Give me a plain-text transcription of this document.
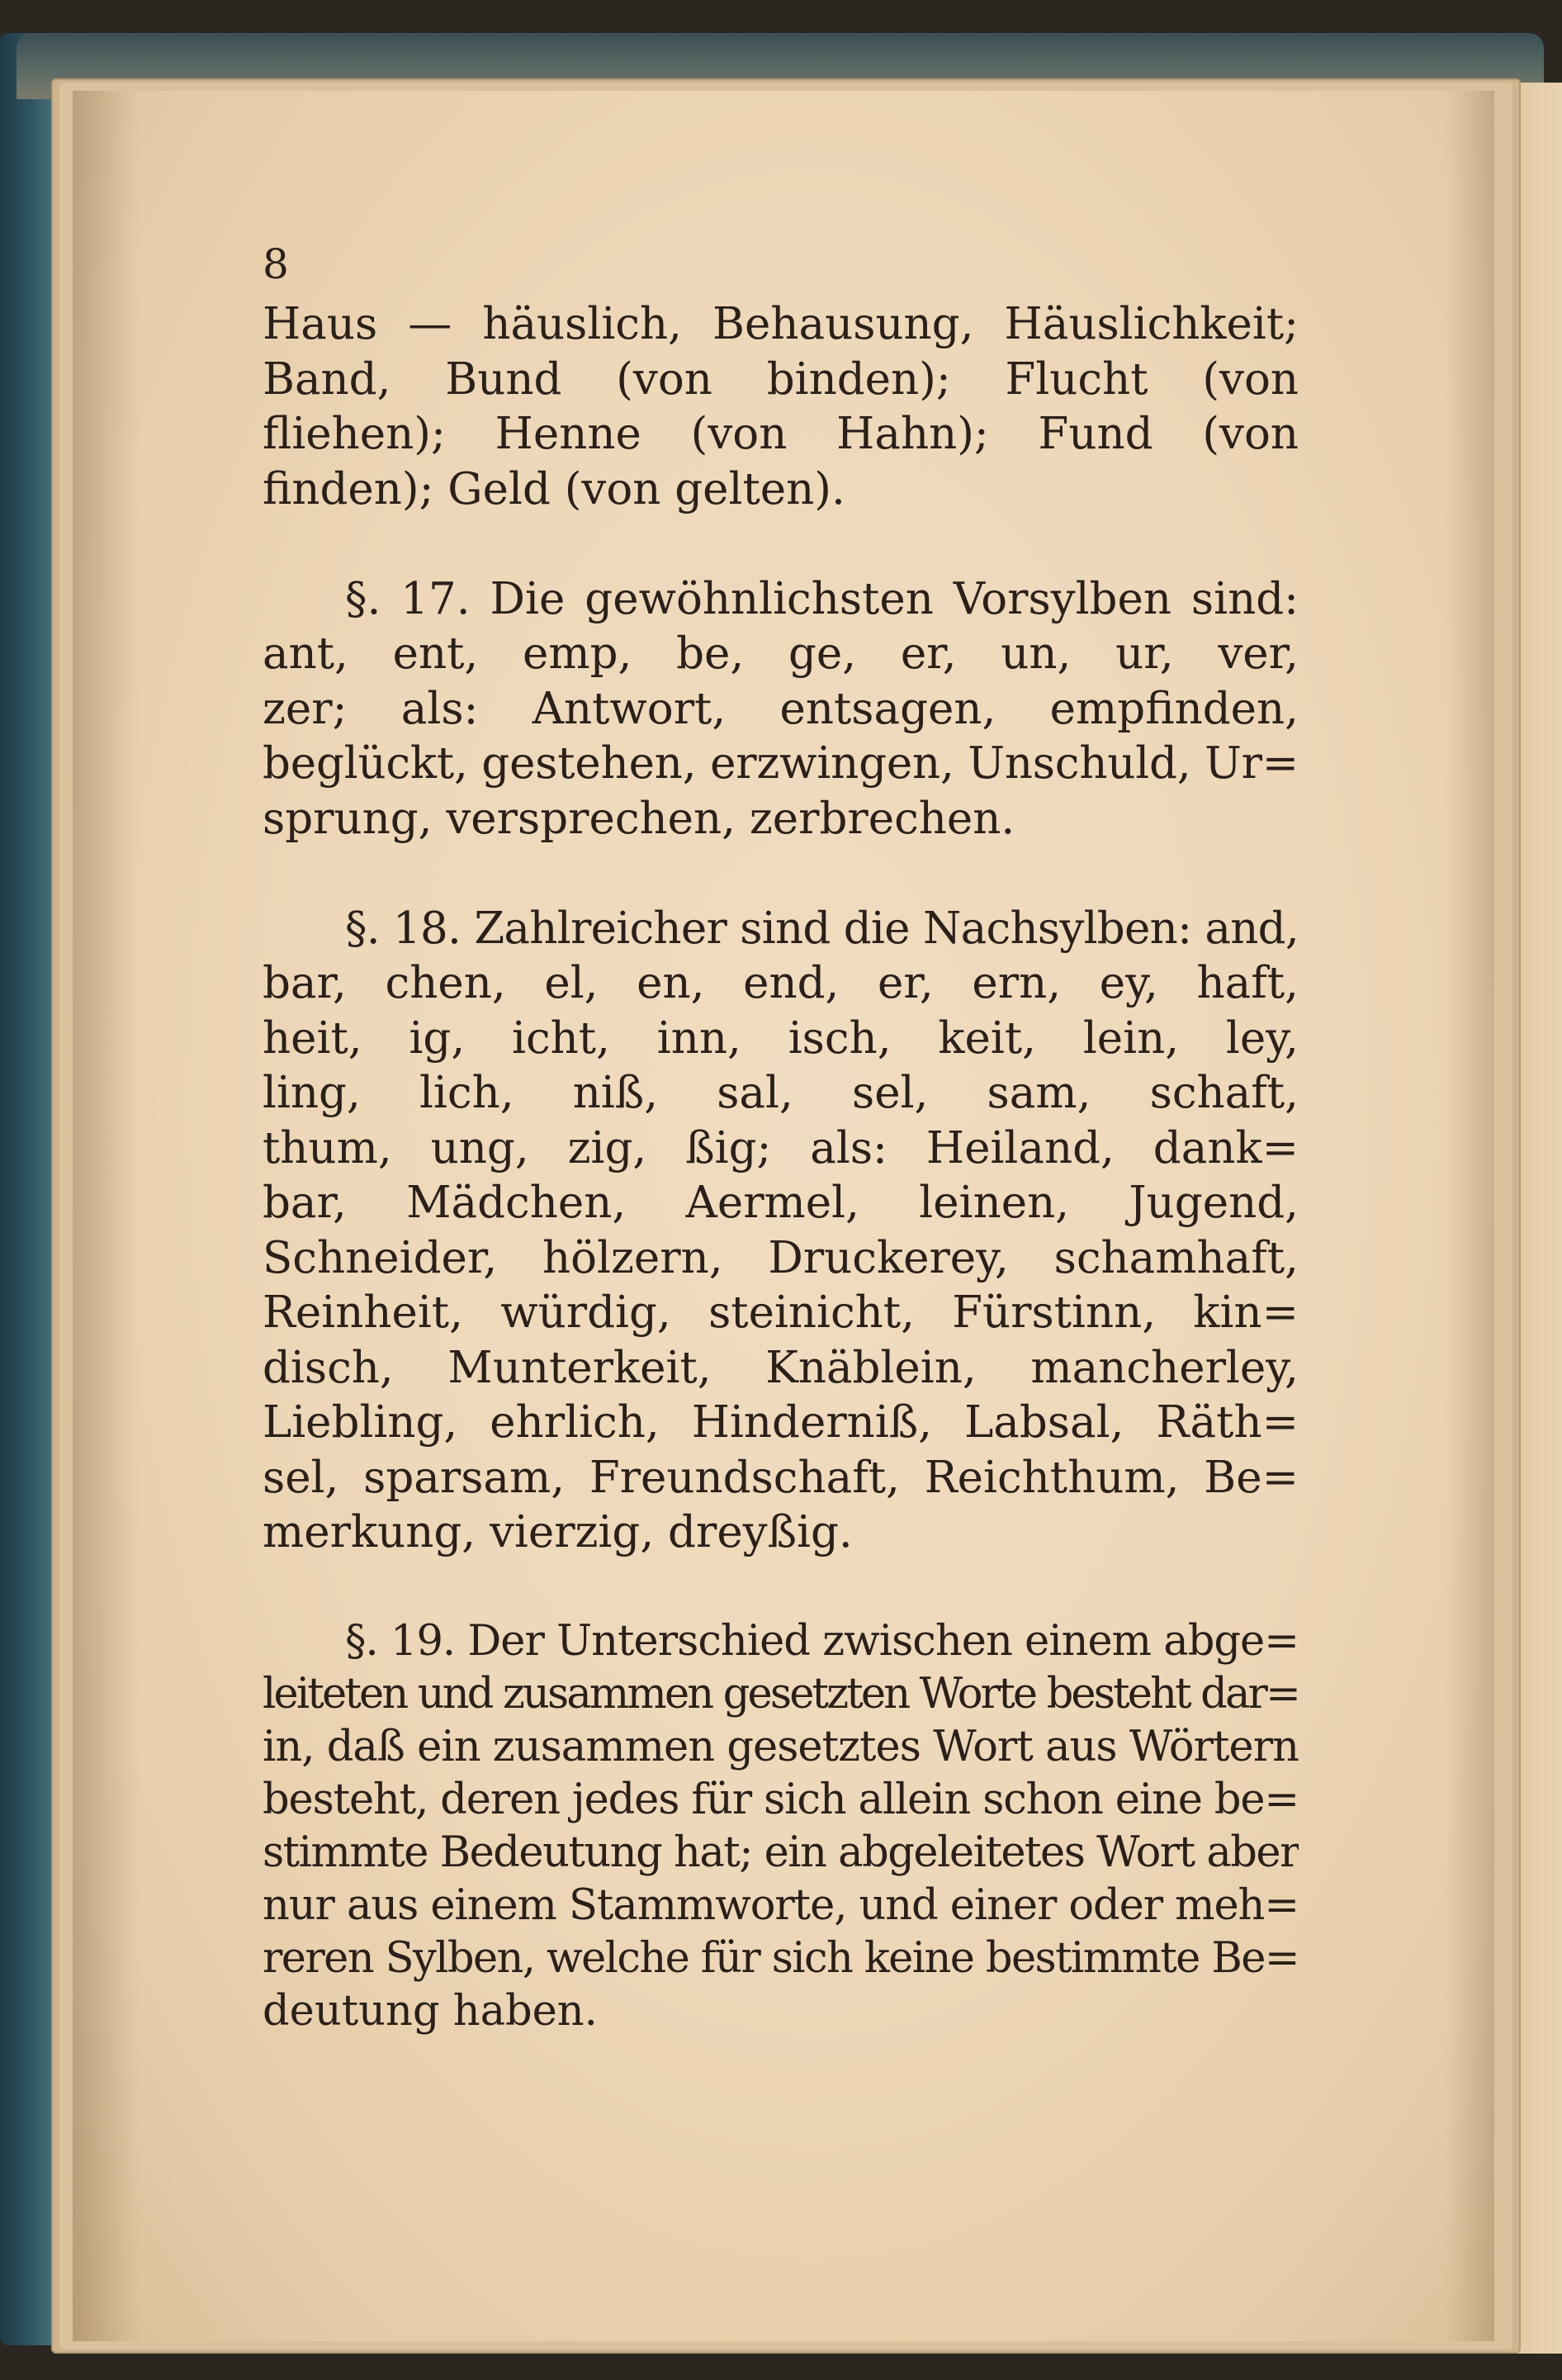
8
Haus — häuslich, Behausung, Häuslichkeit;
Band, Bund (von binden); Flucht (von
fliehen); Henne (von Hahn); Fund (von
finden); Geld (von gelten).
§. 17. Die gewöhnlichsten Vorsylben sind:
ant, ent, emp, be, ge, er, un, ur, ver,
zer; als: Antwort, entsagen, empfinden,
beglückt, gestehen, erzwingen, Unschuld, Ur=
sprung, versprechen, zerbrechen.
§. 18. Zahlreicher sind die Nachsylben: and,
bar, chen, el, en, end, er, ern, ey, haft,
heit, ig, icht, inn, isch, keit, lein, ley,
ling, lich, niß, sal, sel, sam, schaft,
thum, ung, zig, ßig; als: Heiland, dank=
bar, Mädchen, Aermel, leinen, Jugend,
Schneider, hölzern, Druckerey, schamhaft,
Reinheit, würdig, steinicht, Fürstinn, kin=
disch, Munterkeit, Knäblein, mancherley,
Liebling, ehrlich, Hinderniß, Labsal, Räth=
sel, sparsam, Freundschaft, Reichthum, Be=
merkung, vierzig, dreyßig.
§. 19. Der Unterschied zwischen einem abge=
leiteten und zusammen gesetzten Worte besteht dar=
in, daß ein zusammen gesetztes Wort aus Wörtern
besteht, deren jedes für sich allein schon eine be=
stimmte Bedeutung hat; ein abgeleitetes Wort aber
nur aus einem Stammworte, und einer oder meh=
reren Sylben, welche für sich keine bestimmte Be=
deutung haben.
